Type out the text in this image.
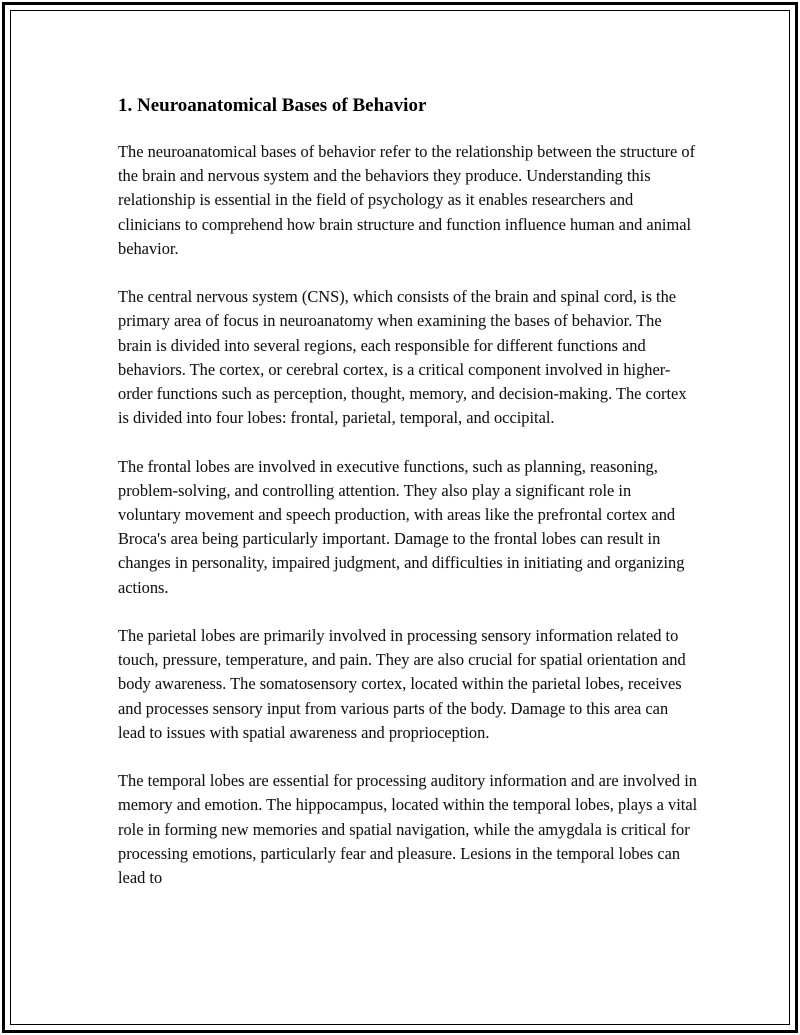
1. Neuroanatomical Bases of Behavior

The neuroanatomical bases of behavior refer to the relationship between the structure of the brain and nervous system and the behaviors they produce. Understanding this relationship is essential in the field of psychology as it enables researchers and clinicians to comprehend how brain structure and function influence human and animal behavior.

The central nervous system (CNS), which consists of the brain and spinal cord, is the primary area of focus in neuroanatomy when examining the bases of behavior. The brain is divided into several regions, each responsible for different functions and behaviors. The cortex, or cerebral cortex, is a critical component involved in higher-order functions such as perception, thought, memory, and decision-making. The cortex is divided into four lobes: frontal, parietal, temporal, and occipital.

The frontal lobes are involved in executive functions, such as planning, reasoning, problem-solving, and controlling attention. They also play a significant role in voluntary movement and speech production, with areas like the prefrontal cortex and Broca's area being particularly important. Damage to the frontal lobes can result in changes in personality, impaired judgment, and difficulties in initiating and organizing actions.

The parietal lobes are primarily involved in processing sensory information related to touch, pressure, temperature, and pain. They are also crucial for spatial orientation and body awareness. The somatosensory cortex, located within the parietal lobes, receives and processes sensory input from various parts of the body. Damage to this area can lead to issues with spatial awareness and proprioception.

The temporal lobes are essential for processing auditory information and are involved in memory and emotion. The hippocampus, located within the temporal lobes, plays a vital role in forming new memories and spatial navigation, while the amygdala is critical for processing emotions, particularly fear and pleasure. Lesions in the temporal lobes can lead to
